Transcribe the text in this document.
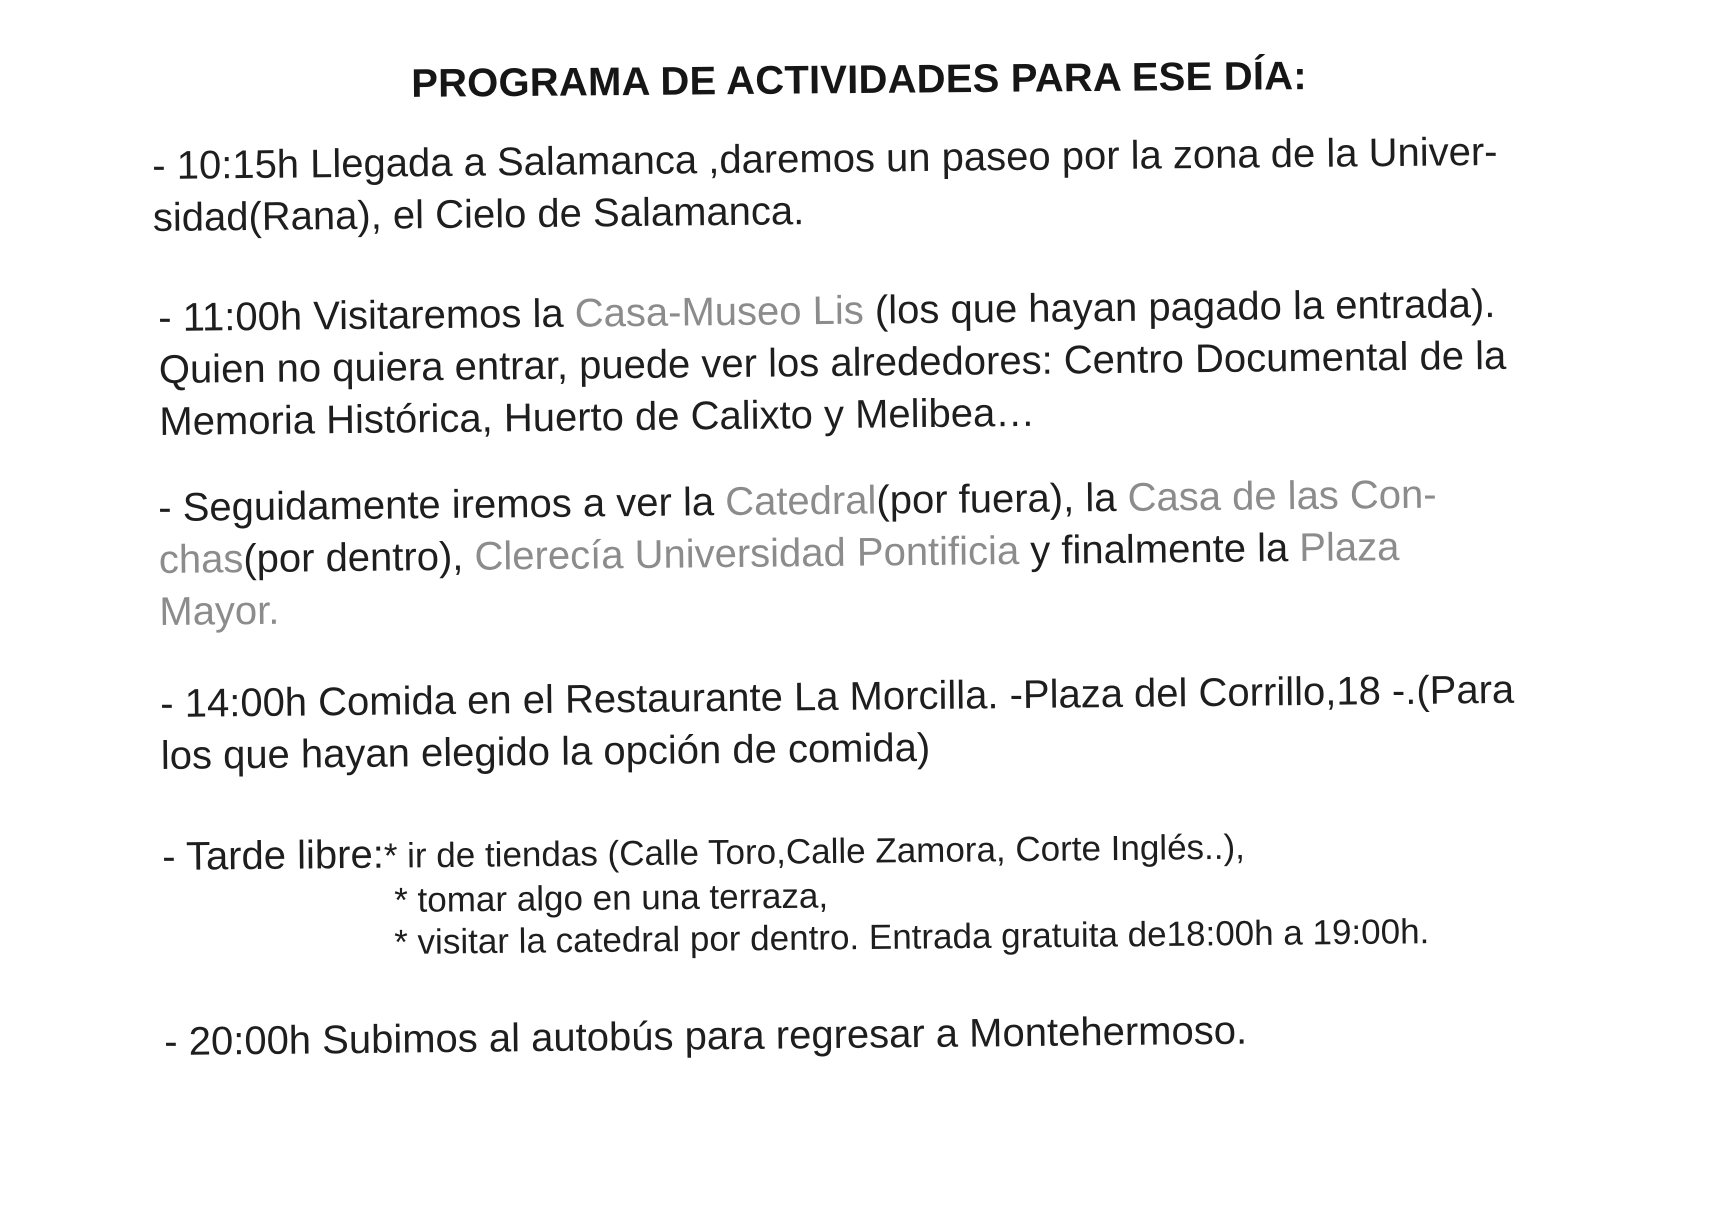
PROGRAMA DE ACTIVIDADES PARA ESE DÍA:
- 10:15h Llegada a Salamanca ,daremos un paseo por la zona de la Univer-
sidad(Rana), el Cielo de Salamanca.
- 11:00h Visitaremos la Casa-Museo Lis (los que hayan pagado la entrada).
Quien no quiera entrar, puede ver los alrededores: Centro Documental de la
Memoria Histórica, Huerto de Calixto y Melibea…
- Seguidamente iremos a ver la Catedral(por fuera), la Casa de las Con-
chas(por dentro), Clerecía Universidad Pontificia y finalmente la Plaza
Mayor.
- 14:00h Comida en el Restaurante La Morcilla. -Plaza del Corrillo,18 -.(Para
los que hayan elegido la opción de comida)
- Tarde libre:* ir de tiendas (Calle Toro,Calle Zamora, Corte Inglés..),
* tomar algo en una terraza,
* visitar la catedral por dentro. Entrada gratuita de18:00h a 19:00h.
- 20:00h Subimos al autobús para regresar a Montehermoso.
